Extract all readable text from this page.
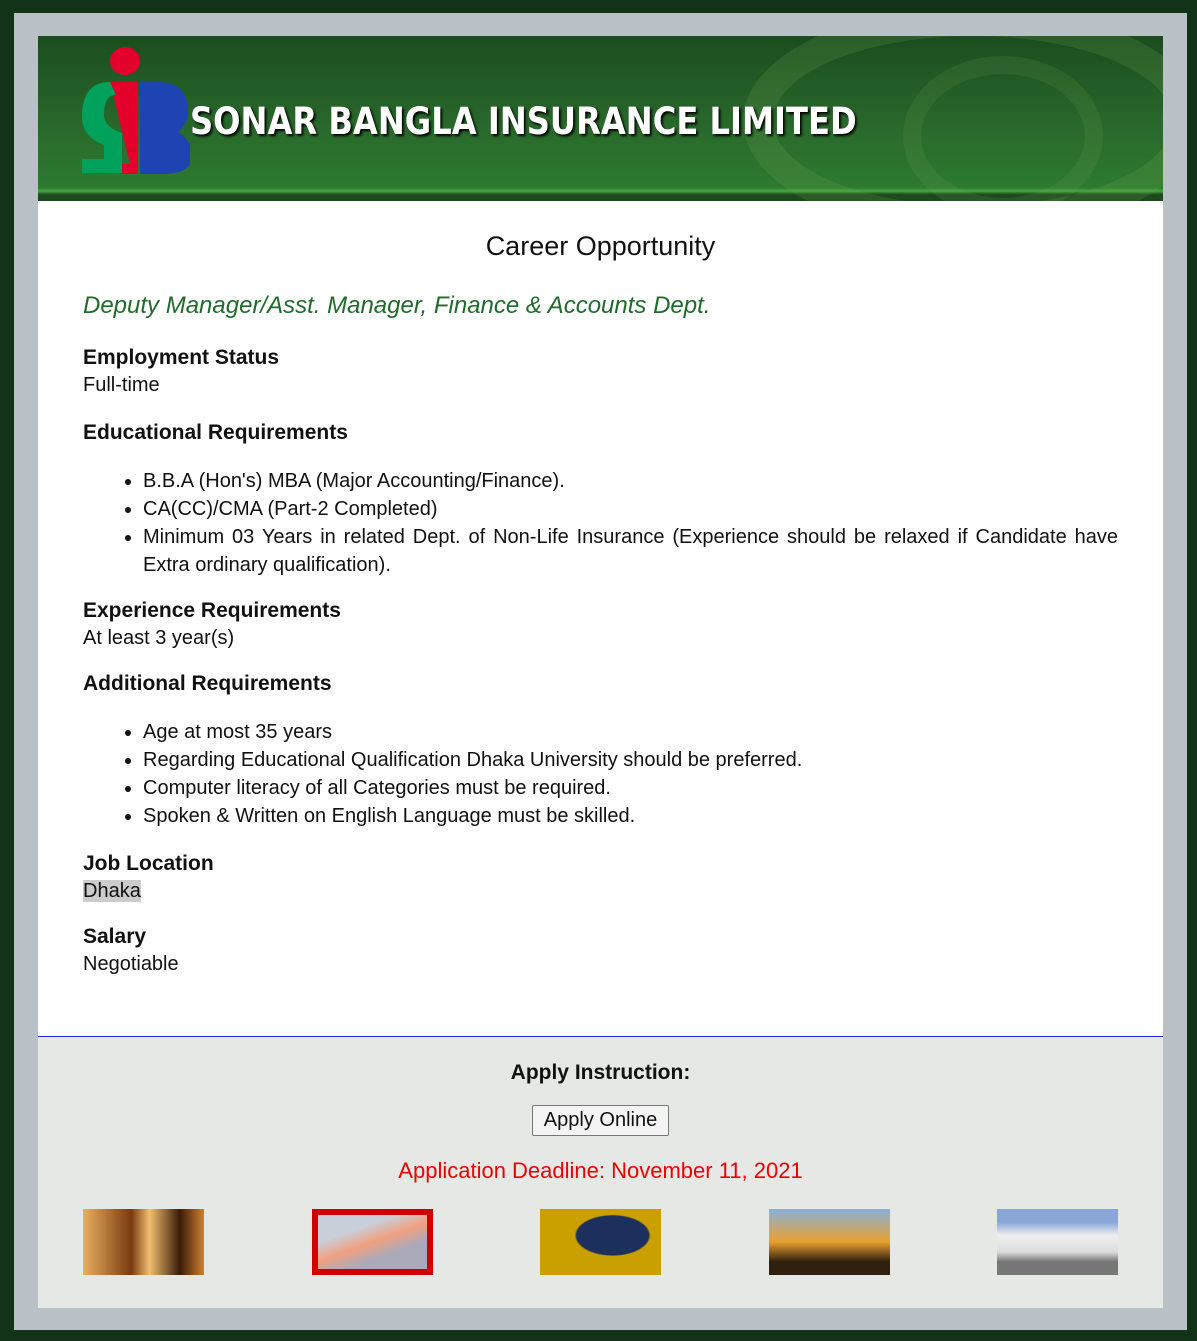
SONAR BANGLA INSURANCE LIMITED
Career Opportunity
Deputy Manager/Asst. Manager, Finance & Accounts Dept.
Employment Status
Full-time
Educational Requirements
• B.B.A (Hon's) MBA (Major Accounting/Finance).
• CA(CC)/CMA (Part-2 Completed)
• Minimum 03 Years in related Dept. of Non-Life Insurance (Experience should be relaxed if Candidate have Extra ordinary qualification).
Experience Requirements
At least 3 year(s)
Additional Requirements
• Age at most 35 years
• Regarding Educational Qualification Dhaka University should be preferred.
• Computer literacy of all Categories must be required.
• Spoken & Written on English Language must be skilled.
Job Location
Dhaka
Salary
Negotiable
Apply Instruction:
Apply Online
Application Deadline: November 11, 2021
